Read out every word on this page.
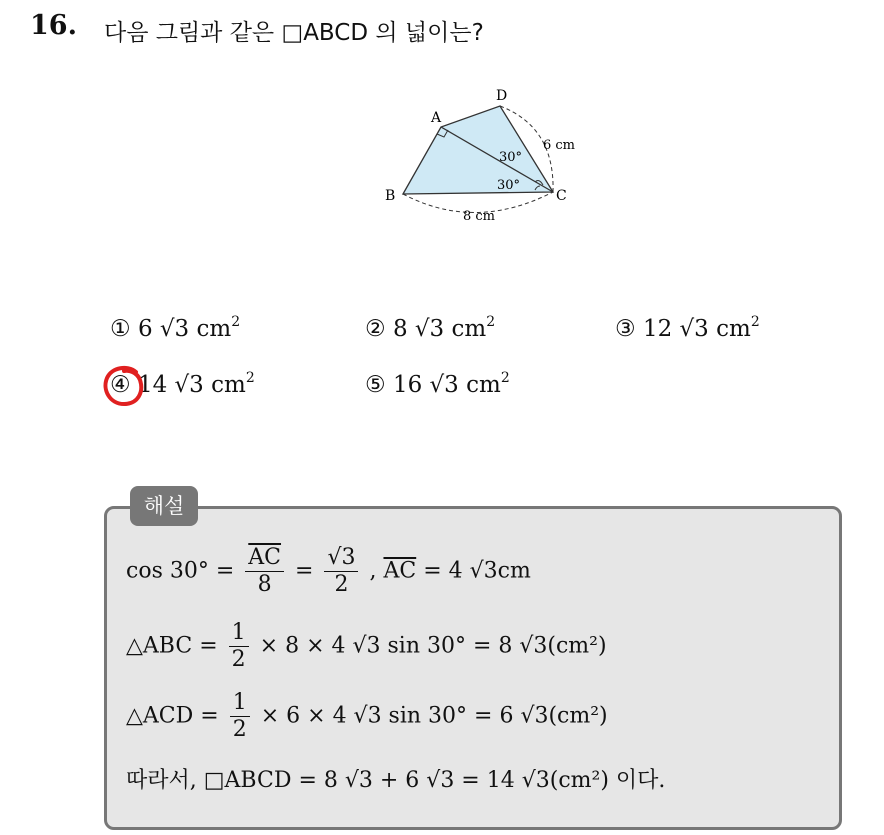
16. 다음 그림과 같은 □ABCD 의 넓이는?
A
B	C
D
6 cm
8 cm
30°
30°
① 6 √3 $cm^2$	② 8 √3 $cm^2$	③ 12 √3 $cm^2$
④ 14 √3 $cm^2$	⑤ 16 √3 $cm^2$
해설
$\cos 30^\circ = \frac{\overline{AC}}{8} = \frac{√3}{2}$ , $\overline{AC} = 4$ √3cm
△ABC = $\frac{1}{2} \times 8 \times 4$ √3 sin 30° = 8 √3(cm²)
△ACD = $\frac{1}{2} \times 6 \times 4$ √3 sin 30° = 6 √3(cm²)
따라서, □ABCD = 8 √3 + 6 √3 = 14 √3(cm²) 이다.
